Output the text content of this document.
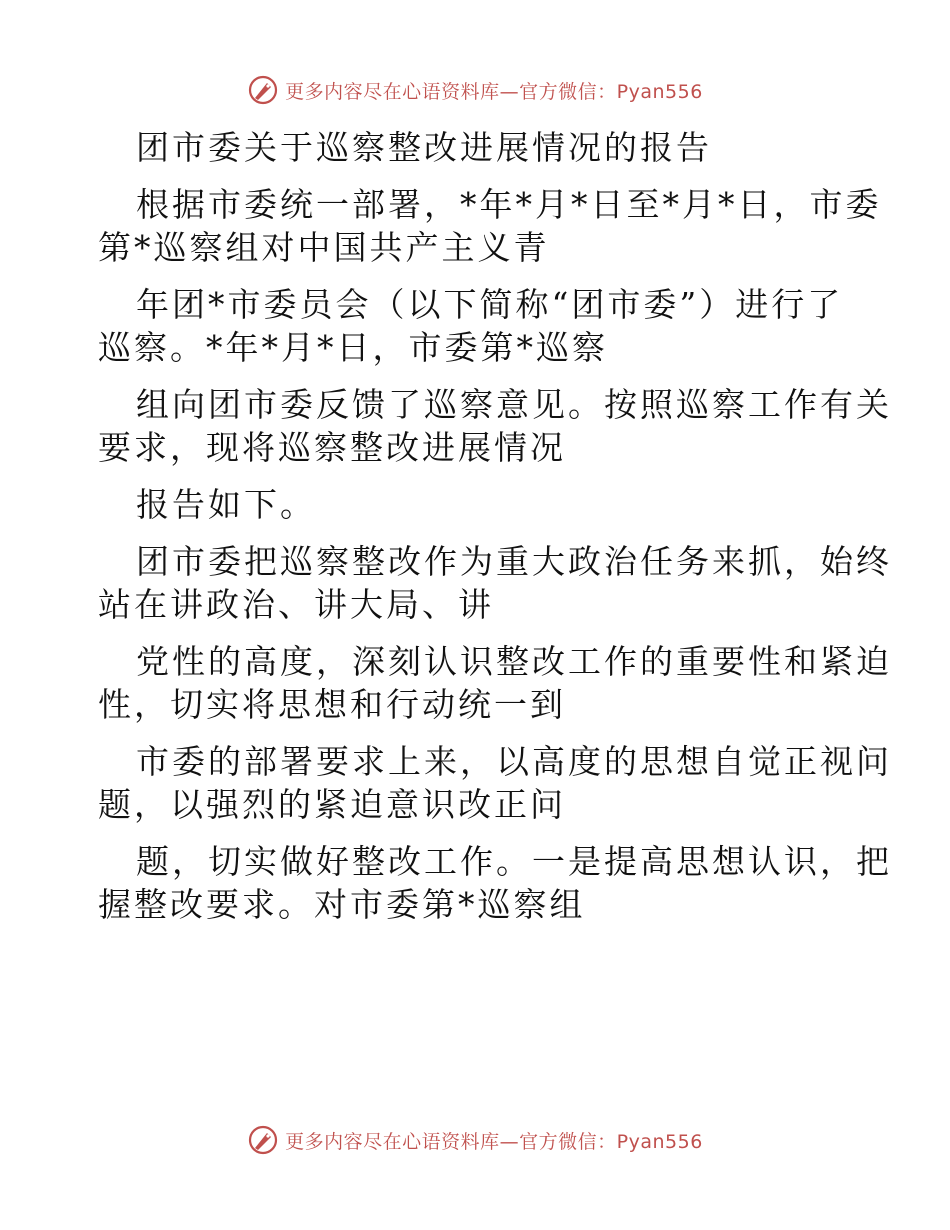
更多内容尽在心语资料库—官方微信：Pyan556
团市委关于巡察整改进展情况的报告
根据市委统一部署，*年*月*日至*月*日，市委
第*巡察组对中国共产主义青
年团*市委员会（以下简称“团市委”）进行了
巡察。*年*月*日，市委第*巡察
组向团市委反馈了巡察意见。按照巡察工作有关
要求，现将巡察整改进展情况
报告如下。
团市委把巡察整改作为重大政治任务来抓，始终
站在讲政治、讲大局、讲
党性的高度，深刻认识整改工作的重要性和紧迫
性，切实将思想和行动统一到
市委的部署要求上来，以高度的思想自觉正视问
题，以强烈的紧迫意识改正问
题，切实做好整改工作。一是提高思想认识，把
握整改要求。对市委第*巡察组
更多内容尽在心语资料库—官方微信：Pyan556
